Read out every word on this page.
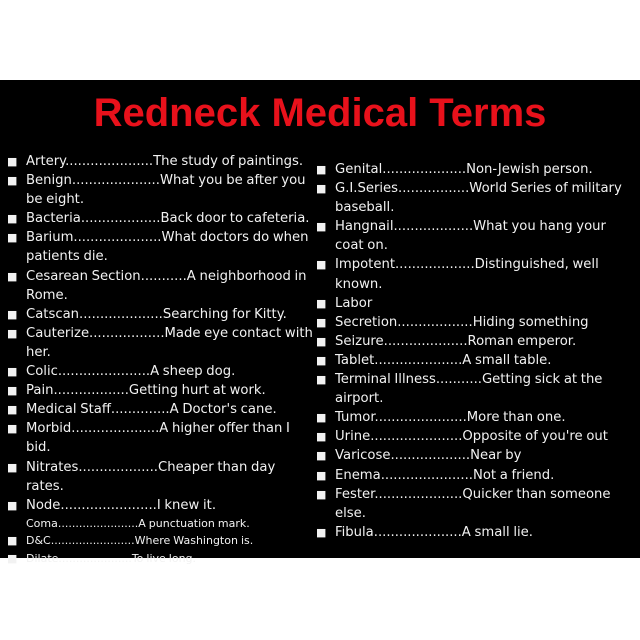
Redneck Medical Terms
■ Artery.....................The study of paintings.
■ Benign.....................What you be after you be eight.
■ Bacteria...................Back door to cafeteria.
■ Barium.....................What doctors do when patients die.
■ Cesarean Section...........A neighborhood in Rome.
■ Catscan....................Searching for Kitty.
■ Cauterize..................Made eye contact with her.
■ Colic......................A sheep dog.
■ Pain..................Getting hurt at work.
■ Medical Staff..............A Doctor's cane.
■ Morbid.....................A higher offer than I bid.
■ Nitrates...................Cheaper than day rates.
■ Node.......................I knew it.
Coma.......................A punctuation mark.
■ D&C........................Where Washington is.
■ Dilate.....................To live long.
■ Genital....................Non-Jewish person.
■ G.I.Series.................World Series of military baseball.
■ Hangnail...................What you hang your coat on.
■ Impotent...................Distinguished, well known.
■ Labor
■ Secretion..................Hiding something
■ Seizure....................Roman emperor.
■ Tablet.....................A small table.
■ Terminal Illness...........Getting sick at the airport.
■ Tumor......................More than one.
■ Urine......................Opposite of you're out
■ Varicose...................Near by
■ Enema......................Not a friend.
■ Fester.....................Quicker than someone else.
■ Fibula.....................A small lie.
